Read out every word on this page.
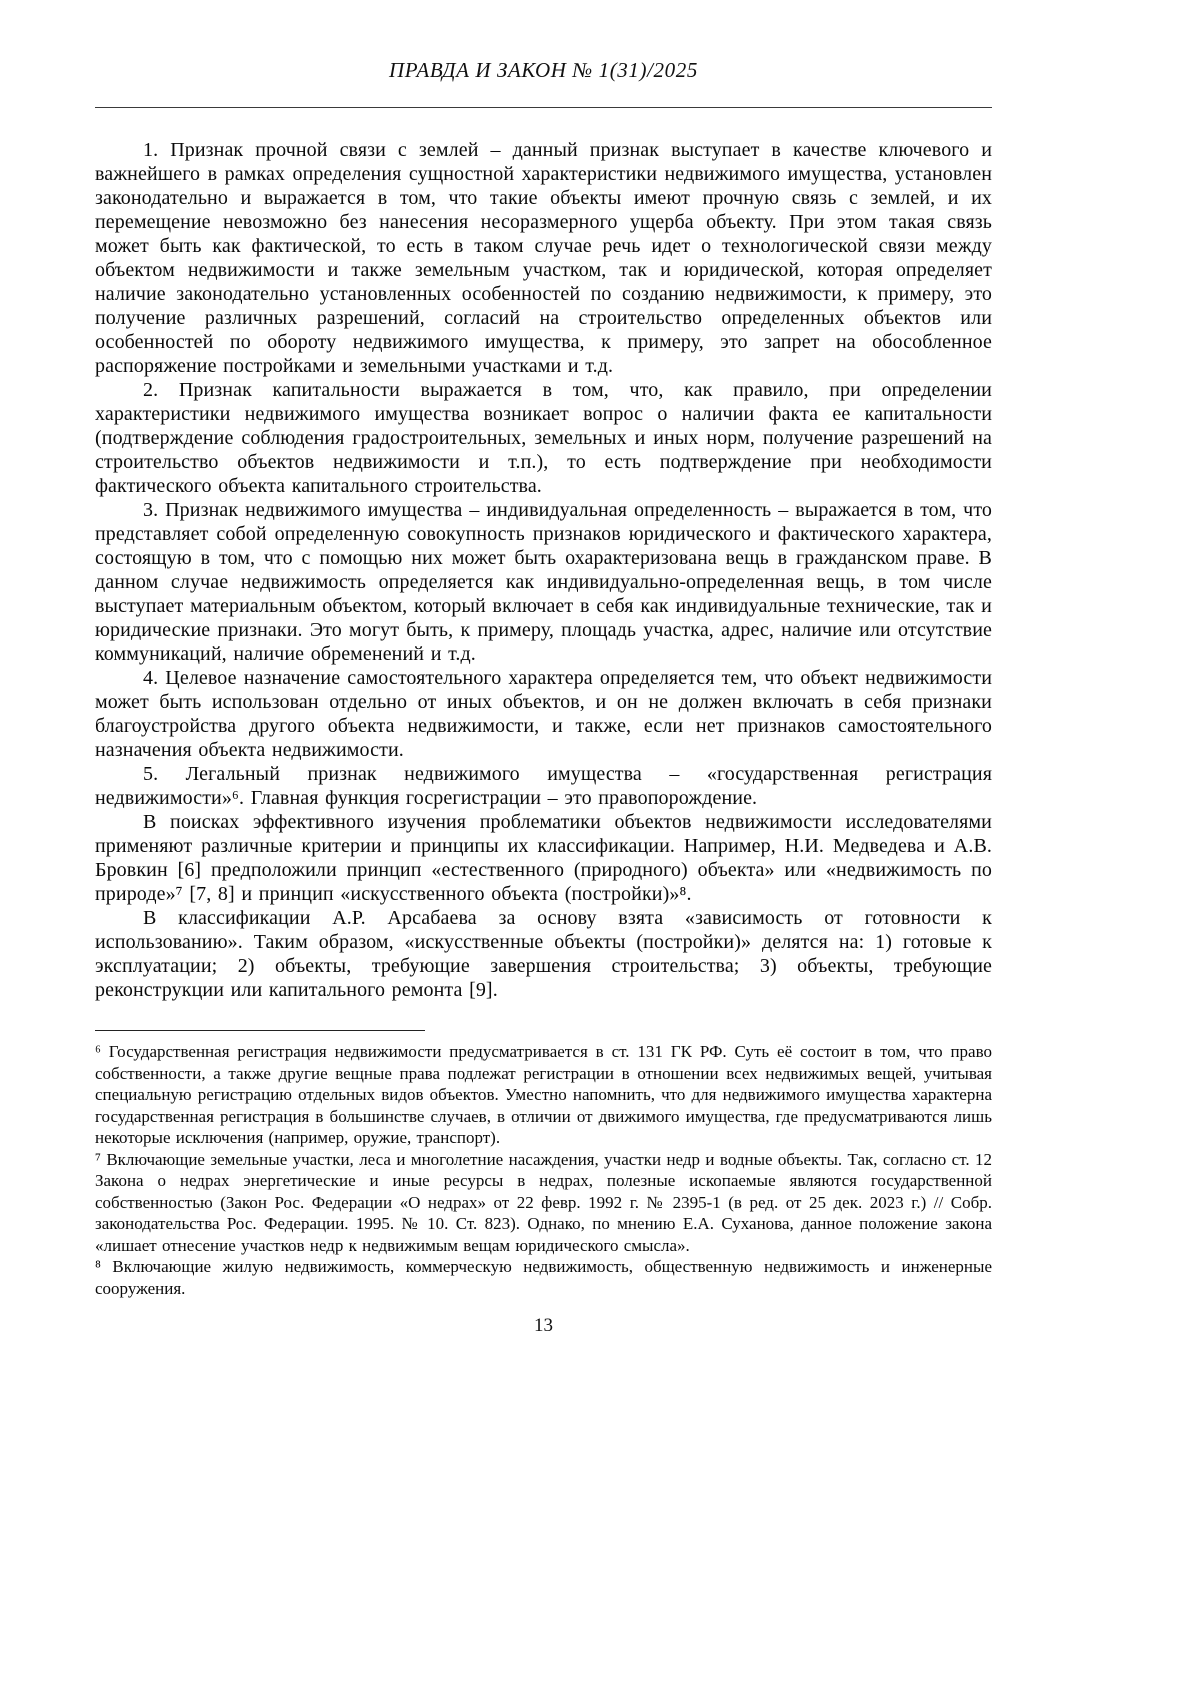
ПРАВДА И ЗАКОН № 1(31)/2025

1. Признак прочной связи с землей – данный признак выступает в качестве ключевого и важнейшего в рамках определения сущностной характеристики недвижимого имущества, установлен законодательно и выражается в том, что такие объекты имеют прочную связь с землей, и их перемещение невозможно без нанесения несоразмерного ущерба объекту. При этом такая связь может быть как фактической, то есть в таком случае речь идет о технологической связи между объектом недвижимости и также земельным участком, так и юридической, которая определяет наличие законодательно установленных особенностей по созданию недвижимости, к примеру, это получение различных разрешений, согласий на строительство определенных объектов или особенностей по обороту недвижимого имущества, к примеру, это запрет на обособленное распоряжение постройками и земельными участками и т.д.

2. Признак капитальности выражается в том, что, как правило, при определении характеристики недвижимого имущества возникает вопрос о наличии факта ее капитальности (подтверждение соблюдения градостроительных, земельных и иных норм, получение разрешений на строительство объектов недвижимости и т.п.), то есть подтверждение при необходимости фактического объекта капитального строительства.

3. Признак недвижимого имущества – индивидуальная определенность – выражается в том, что представляет собой определенную совокупность признаков юридического и фактического характера, состоящую в том, что с помощью них может быть охарактеризована вещь в гражданском праве. В данном случае недвижимость определяется как индивидуально-определенная вещь, в том числе выступает материальным объектом, который включает в себя как индивидуальные технические, так и юридические признаки. Это могут быть, к примеру, площадь участка, адрес, наличие или отсутствие коммуникаций, наличие обременений и т.д.

4. Целевое назначение самостоятельного характера определяется тем, что объект недвижимости может быть использован отдельно от иных объектов, и он не должен включать в себя признаки благоустройства другого объекта недвижимости, и также, если нет признаков самостоятельного назначения объекта недвижимости.

5. Легальный признак недвижимого имущества – «государственная регистрация недвижимости»⁶. Главная функция госрегистрации – это правопорождение.

В поисках эффективного изучения проблематики объектов недвижимости исследователями применяют различные критерии и принципы их классификации. Например, Н.И. Медведева и А.В. Бровкин [6] предположили принцип «естественного (природного) объекта» или «недвижимость по природе»⁷ [7, 8] и принцип «искусственного объекта (постройки)»⁸.

В классификации А.Р. Арсабаева за основу взята «зависимость от готовности к использованию». Таким образом, «искусственные объекты (постройки)» делятся на: 1) готовые к эксплуатации; 2) объекты, требующие завершения строительства; 3) объекты, требующие реконструкции или капитального ремонта [9].

⁶ Государственная регистрация недвижимости предусматривается в ст. 131 ГК РФ. Суть её состоит в том, что право собственности, а также другие вещные права подлежат регистрации в отношении всех недвижимых вещей, учитывая специальную регистрацию отдельных видов объектов. Уместно напомнить, что для недвижимого имущества характерна государственная регистрация в большинстве случаев, в отличии от движимого имущества, где предусматриваются лишь некоторые исключения (например, оружие, транспорт).

⁷ Включающие земельные участки, леса и многолетние насаждения, участки недр и водные объекты. Так, согласно ст. 12 Закона о недрах энергетические и иные ресурсы в недрах, полезные ископаемые являются государственной собственностью (Закон Рос. Федерации «О недрах» от 22 февр. 1992 г. № 2395-1 (в ред. от 25 дек. 2023 г.) // Собр. законодательства Рос. Федерации. 1995. № 10. Ст. 823). Однако, по мнению Е.А. Суханова, данное положение закона «лишает отнесение участков недр к недвижимым вещам юридического смысла».

⁸ Включающие жилую недвижимость, коммерческую недвижимость, общественную недвижимость и инженерные сооружения.

13
